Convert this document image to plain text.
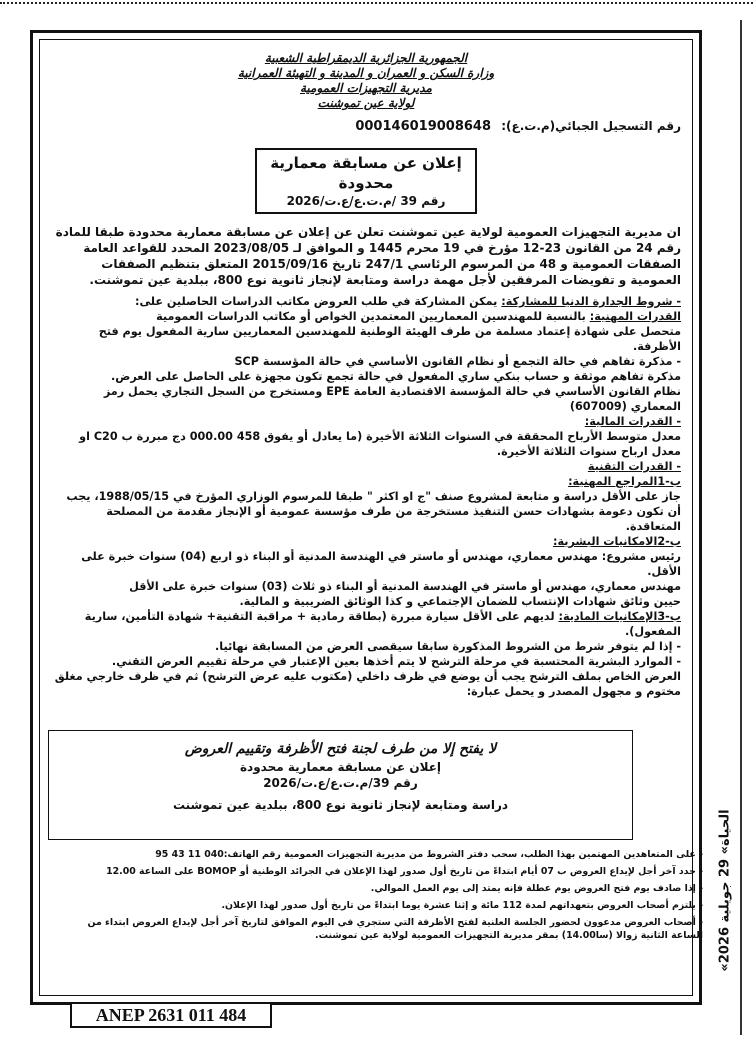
«الحياة» 29 جويلية 2026
الجمهورية الجزائرية الديمقراطية الشعبية
وزارة السكن و العمران و المدينة و التهيئة العمرانية
مديرية التجهيزات العمومية
لولاية عين تموشنت
رقم التسجيل الجبائي(م.ت.ع): 000146019008648
إعلان عن مسابقة معمارية محدودة
رقم 39 /م.ت.ع/ع.ت/2026

ان مديرية التجهيزات العمومية لولاية عين تموشنت تعلن عن إعلان عن مسابقة معمارية محدودة طبقا للمادة رقم 24 من القانون 23-12 مؤرخ في 19 محرم 1445 و الموافق لـ 2023/08/05 المحدد للقواعد العامة الصفقات العمومية و 48 من المرسوم الرئاسي 247/1 تاريخ 2015/09/16 المتعلق بتنظيم الصفقات العمومية و تفويضات المرفقين لأجل مهمة دراسة ومتابعة لإنجاز ثانوية نوع 800، ببلدية عين تموشنت.

- شروط الجدارة الدنيا للمشاركة: يمكن المشاركة في طلب العروض مكاتب الدراسات الحاصلين على:

القدرات المهنية: بالنسبة للمهندسين المعماريين المعتمدين الخواص أو مكاتب الدراسات العمومية

متحصل على شهادة إعتماد مسلمة من طرف الهيئة الوطنية للمهندسين المعماريين سارية المفعول يوم فتح الأظرفة.

- مذكرة تفاهم في حالة التجمع أو نظام القانون الأساسي في حالة المؤسسة SCP

مذكرة تفاهم موثقة و حساب بنكي ساري المفعول في حالة تجمع تكون مجهزة على الحاصل على العرض.

نظام القانون الأساسي في حالة المؤسسة الاقتصادية العامة EPE ومستخرج من السجل التجاري يحمل رمز المعماري (607009)

- القدرات المالية:

معدل متوسط الأرباح المحققة في السنوات الثلاثة الأخيرة (ما يعادل أو يفوق 458 000.00 دج مبررة ب C20 او معدل ارباح سنوات الثلاثة الأخيرة.

- القدرات التقنية

ب-1المراجع المهنية:

جاز على الأقل دراسة و متابعة لمشروع صنف "ج او اكثر " طبقا للمرسوم الوزاري المؤرخ في 1988/05/15، يجب أن تكون دعومة بشهادات حسن التنفيذ مستخرجة من طرف مؤسسة عمومية أو الإنجاز مقدمة من المصلحة المتعاقدة.

ب-2الامكانيات البشرية:

رئيس مشروع: مهندس معماري، مهندس أو ماستر في الهندسة المدنية أو البناء ذو اربع (04) سنوات خبرة على الأقل.

مهندس معماري، مهندس أو ماستر في الهندسة المدنية أو البناء ذو ثلاث (03) سنوات خبرة على الأقل

حيين وثائق شهادات الإنتساب للضمان الإجتماعي و كذا الوثائق الضريبية و المالية.

ب-3الإمكانيات المادية: لديهم على الأقل سيارة مبررة (بطاقة رمادية + مراقبة التقنية+ شهادة التأمين، سارية المفعول).

- إذا لم يتوفر شرط من الشروط المذكورة سابقا سيقصى العرض من المسابقة نهائيا.

- الموارد البشرية المحتسبة في مرحلة الترشح لا يتم أخذها بعين الإعتبار في مرحلة تقييم العرض التقني.

العرض الخاص بملف الترشح يجب أن يوضع في ظرف داخلي (مكتوب عليه عرض الترشح) ثم في ظرف خارجي مغلق مختوم و مجهول المصدر و يحمل عبارة:

لا يفتح إلا من طرف لجنة فتح الأظرفة وتقييم العروض
إعلان عن مسابقة معمارية محدودة
رقم 39/م.ت.ع/ع.ت/2026
دراسة ومتابعة لإنجاز ثانوية نوع 800، ببلدية عين تموشنت
- على المتعاهدين المهتمين بهذا الطلب، سحب دفتر الشروط من مديرية التجهيزات العمومية رقم الهاتف:040 11 43 95
- حدد آخر أجل لإيداع العروض ب 07 أيام ابتداءً من تاريخ أول صدور لهذا الإعلان في الجرائد الوطنية أو BOMOP على الساعة 12.00
- إذا صادف يوم فتح العروض يوم عطلة فإنه يمتد إلى يوم العمل الموالي.
- يلتزم أصحاب العروض بتعهداتهم لمدة 112 مائة و إثنا عشرة يوما ابتداءً من تاريخ أول صدور لهذا الإعلان.
- أصحاب العروض مدعوون لحضور الجلسة العلنية لفتح الأظرفة التي ستجري في اليوم الموافق لتاريخ آخر أجل لإيداع العروض ابتداء من الساعة الثانية زوالا (سا14.00) بمقر مديرية التجهيزات العمومية لولاية عين تموشنت.
ANEP 2631 011 484
